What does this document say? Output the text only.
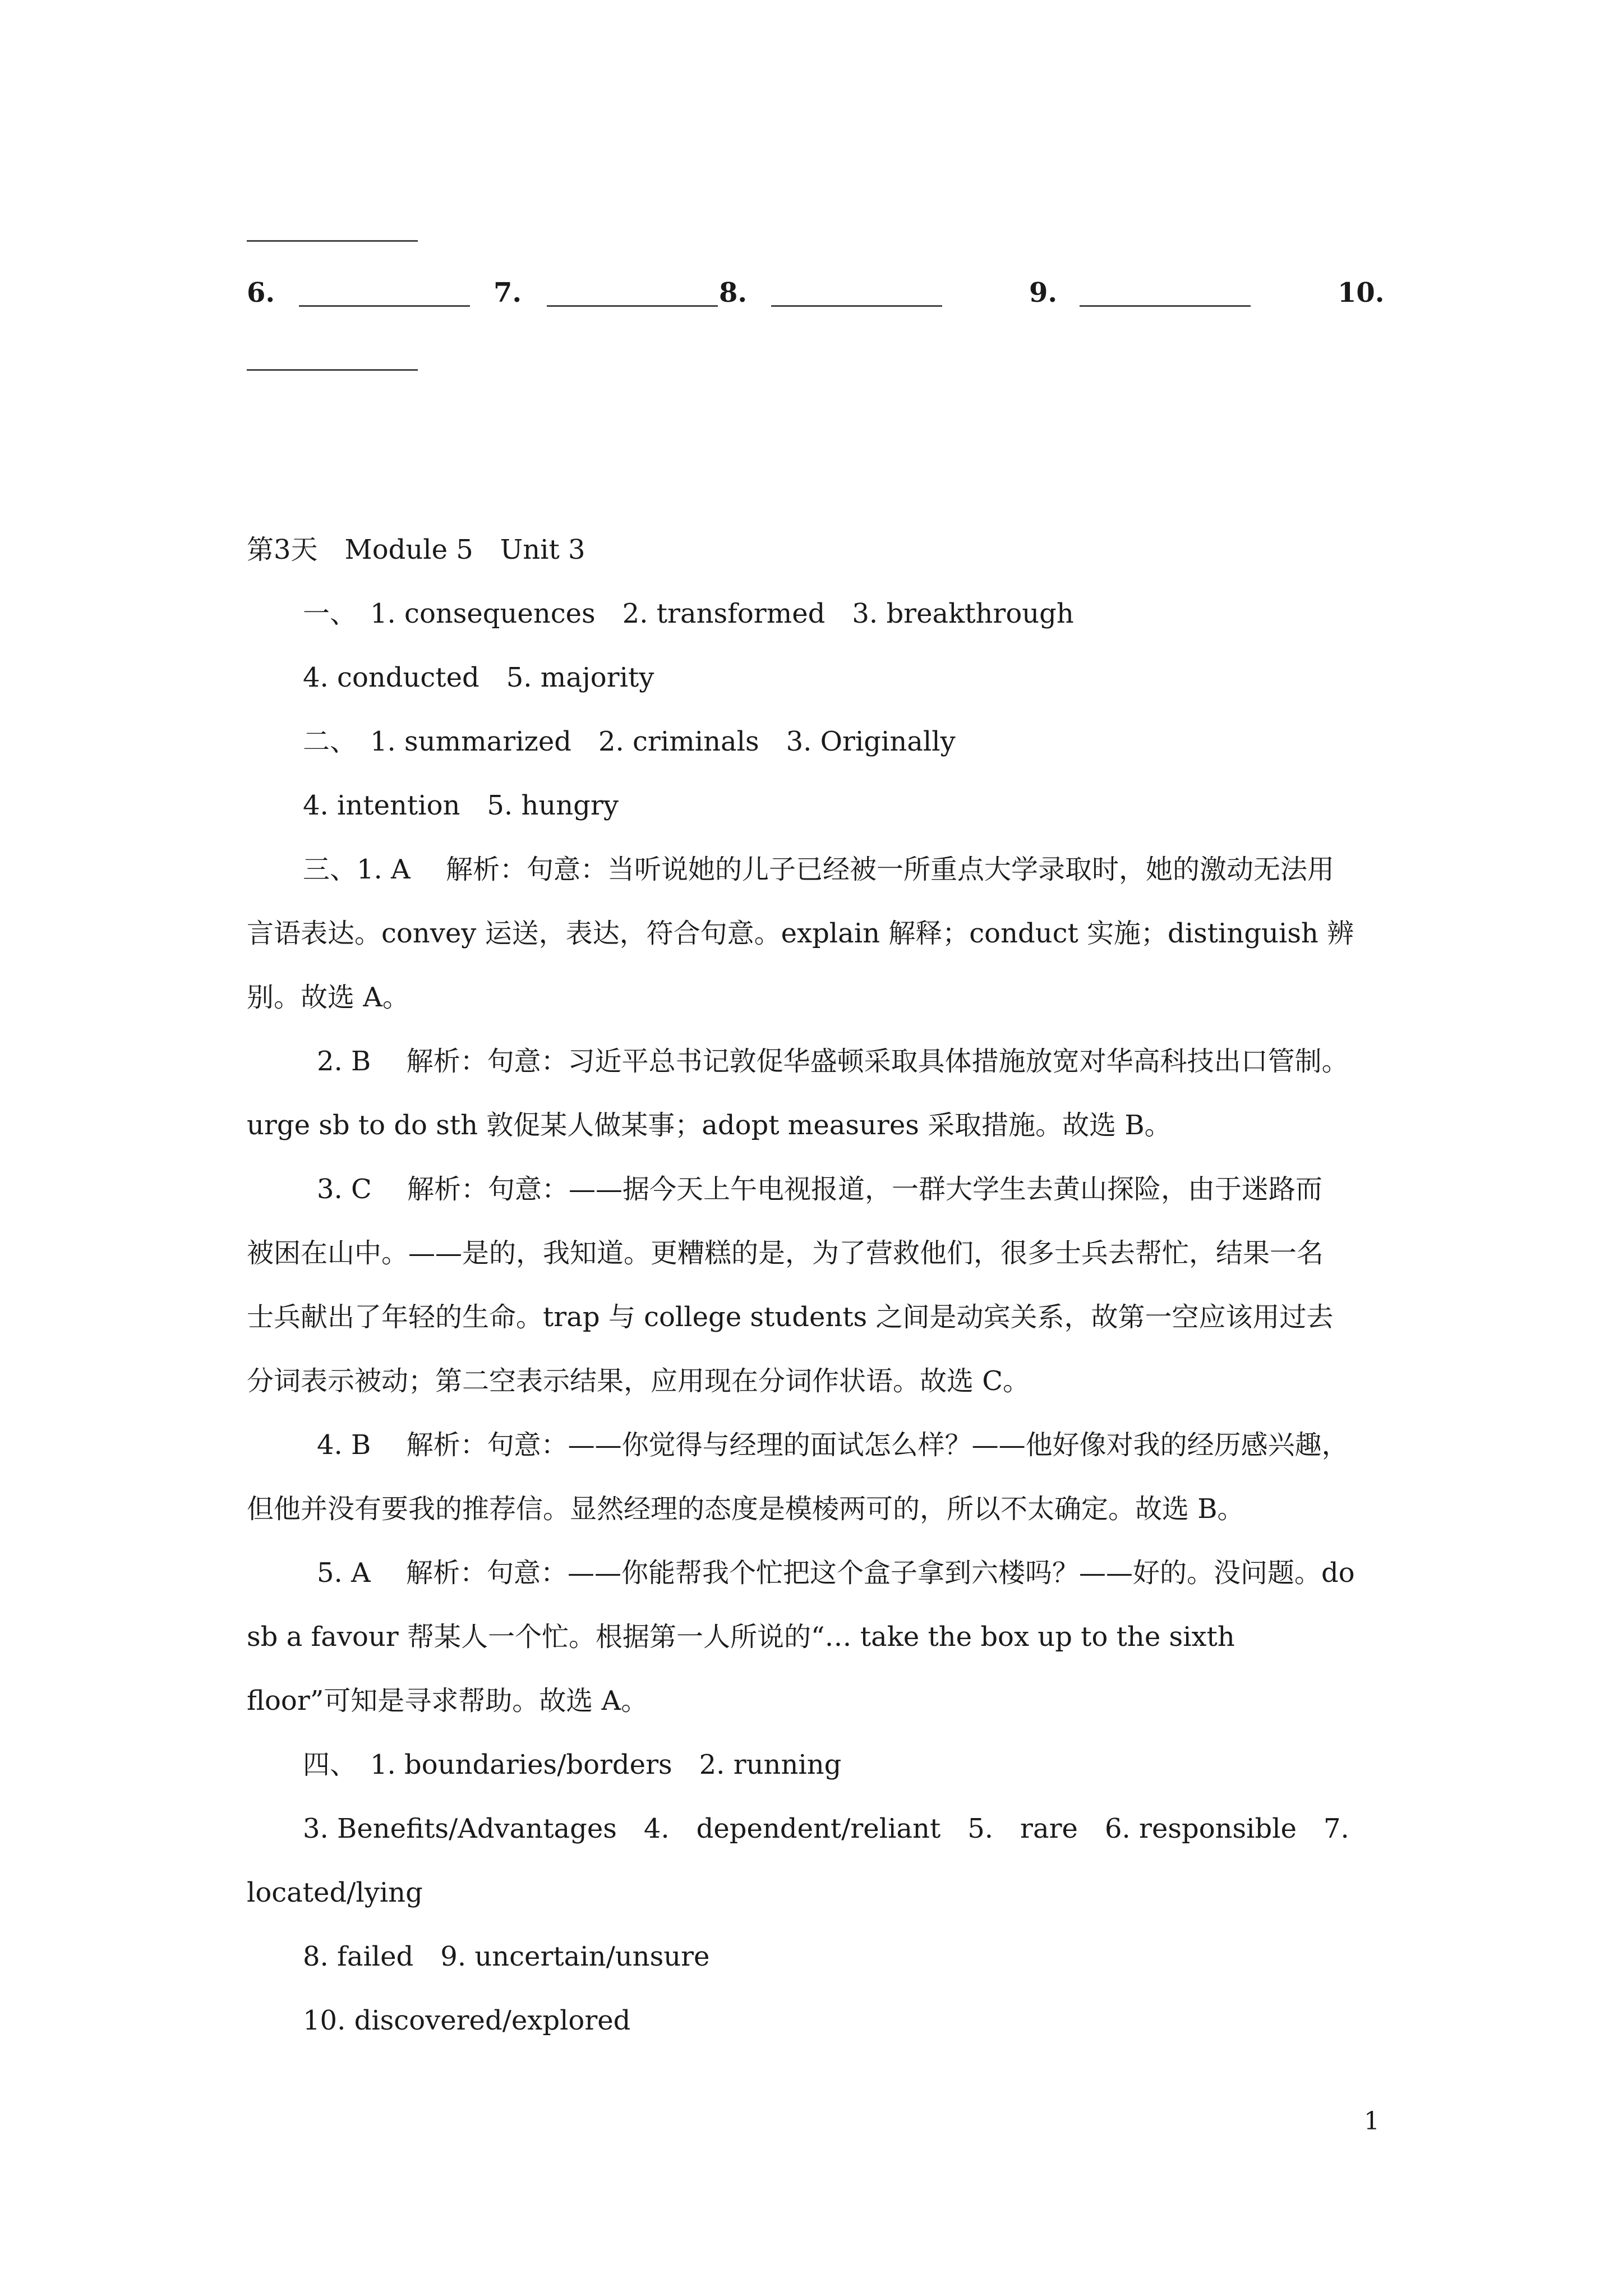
6.	7.	8.	9.	10.
第3天　Module 5　Unit 3
一、　1. consequences　2. transformed　3. breakthrough
4. conducted　5. majority
二、　1. summarized　2. criminals　3. Originally
4. intention　5. hungry
三、1. A　 解析：句意：当听说她的儿子已经被一所重点大学录取时，她的激动无法用
言语表达。convey 运送，表达，符合句意。explain 解释；conduct 实施；distinguish 辨
别。故选 A。
2. B　 解析：句意：习近平总书记敦促华盛顿采取具体措施放宽对华高科技出口管制。
urge sb to do sth 敦促某人做某事；adopt measures 采取措施。故选 B。
3. C　 解析：句意：——据今天上午电视报道，一群大学生去黄山探险，由于迷路而
被困在山中。——是的，我知道。更糟糕的是，为了营救他们，很多士兵去帮忙，结果一名
士兵献出了年轻的生命。trap 与 college students 之间是动宾关系，故第一空应该用过去
分词表示被动；第二空表示结果，应用现在分词作状语。故选 C。
4. B　 解析：句意：——你觉得与经理的面试怎么样？——他好像对我的经历感兴趣，
但他并没有要我的推荐信。显然经理的态度是模棱两可的，所以不太确定。故选 B。
5. A　 解析：句意：——你能帮我个忙把这个盒子拿到六楼吗？——好的。没问题。do
sb a favour 帮某人一个忙。根据第一人所说的“… take the box up to the sixth
floor”可知是寻求帮助。故选 A。
四、　1. boundaries/borders　2. running
3. Benefits/Advantages　4.　dependent/reliant　5.　rare　6. responsible　7.
located/lying
8. failed　9. uncertain/unsure
10. discovered/explored
1
